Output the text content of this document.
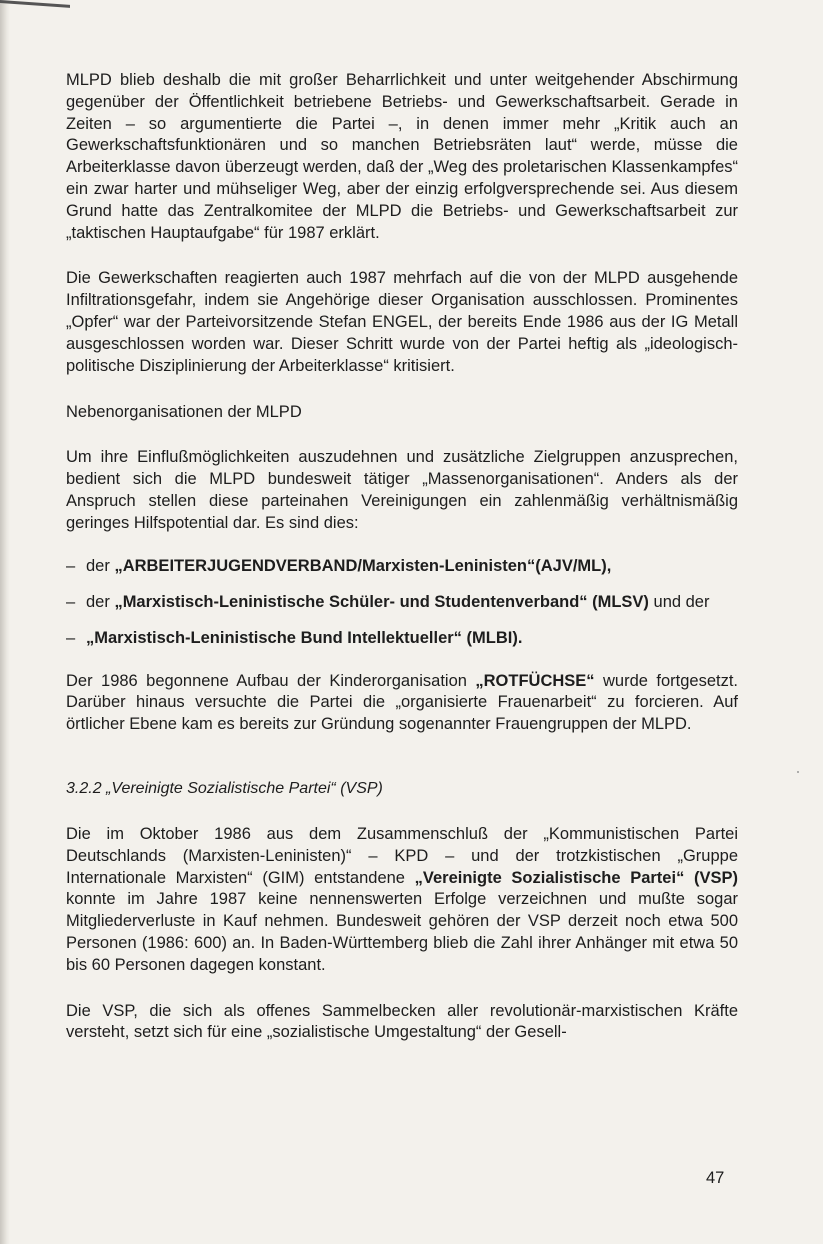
MLPD blieb deshalb die mit großer Beharrlichkeit und unter weitgehender Abschirmung gegenüber der Öffentlichkeit betriebene Betriebs- und Gewerkschaftsarbeit. Gerade in Zeiten – so argumentierte die Partei –, in denen immer mehr „Kritik auch an Gewerkschaftsfunktionären und so manchen Betriebsräten laut“ werde, müsse die Arbeiterklasse davon überzeugt werden, daß der „Weg des proletarischen Klassenkampfes“ ein zwar harter und mühseliger Weg, aber der einzig erfolgversprechende sei. Aus diesem Grund hatte das Zentralkomitee der MLPD die Betriebs- und Gewerkschaftsarbeit zur „taktischen Hauptaufgabe“ für 1987 erklärt.

Die Gewerkschaften reagierten auch 1987 mehrfach auf die von der MLPD ausgehende Infiltrationsgefahr, indem sie Angehörige dieser Organisation ausschlossen. Prominentes „Opfer“ war der Parteivorsitzende Stefan ENGEL, der bereits Ende 1986 aus der IG Metall ausgeschlossen worden war. Dieser Schritt wurde von der Partei heftig als „ideologisch-politische Disziplinierung der Arbeiterklasse“ kritisiert.

Nebenorganisationen der MLPD

Um ihre Einflußmöglichkeiten auszudehnen und zusätzliche Zielgruppen anzusprechen, bedient sich die MLPD bundesweit tätiger „Massenorganisationen“. Anders als der Anspruch stellen diese parteinahen Vereinigungen ein zahlenmäßig verhältnismäßig geringes Hilfspotential dar. Es sind dies:

– der „ARBEITERJUGENDVERBAND/Marxisten-Leninisten“(AJV/ML),
– der „Marxistisch-Leninistische Schüler- und Studentenverband“ (MLSV) und der
– „Marxistisch-Leninistische Bund Intellektueller“ (MLBI).

Der 1986 begonnene Aufbau der Kinderorganisation „ROTFÜCHSE“ wurde fortgesetzt. Darüber hinaus versuchte die Partei die „organisierte Frauenarbeit“ zu forcieren. Auf örtlicher Ebene kam es bereits zur Gründung sogenannter Frauengruppen der MLPD.

3.2.2 „Vereinigte Sozialistische Partei“ (VSP)

Die im Oktober 1986 aus dem Zusammenschluß der „Kommunistischen Partei Deutschlands (Marxisten-Leninisten)“ – KPD – und der trotzkistischen „Gruppe Internationale Marxisten“ (GIM) entstandene „Vereinigte Sozialistische Partei“ (VSP) konnte im Jahre 1987 keine nennenswerten Erfolge verzeichnen und mußte sogar Mitgliederverluste in Kauf nehmen. Bundesweit gehören der VSP derzeit noch etwa 500 Personen (1986: 600) an. In Baden-Württemberg blieb die Zahl ihrer Anhänger mit etwa 50 bis 60 Personen dagegen konstant.

Die VSP, die sich als offenes Sammelbecken aller revolutionär-marxistischen Kräfte versteht, setzt sich für eine „sozialistische Umgestaltung“ der Gesell-

47
